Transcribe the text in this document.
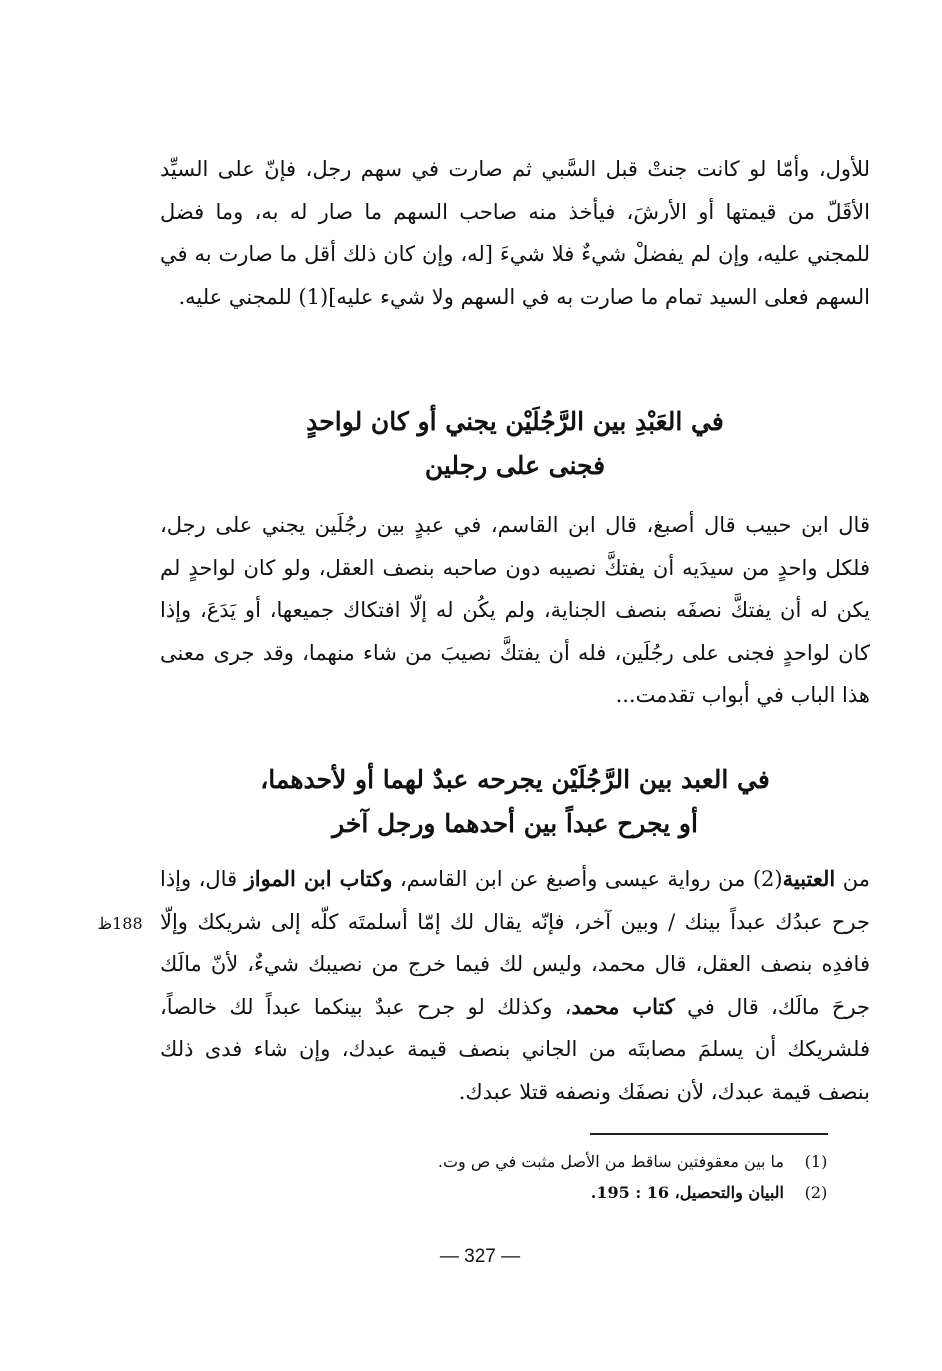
للأول، وأمّا لو كانت جنتْ قبل السَّبي ثم صارت في سهم رجل، فإنّ على السيِّد الأقَلّ من قيمتها أو الأرشَ، فيأخذ منه صاحب السهم ما صار له به، وما فضل للمجني عليه، وإن لم يفضلْ شيءٌ فلا شيءَ [له، وإن كان ذلك أقل ما صارت به في السهم فعلى السيد تمام ما صارت به في السهم ولا شيء عليه](1) للمجني عليه.

في العَبْدِ بين الرَّجُلَيْن يجني أو كان لواحدٍ
فجنى على رجلين

قال ابن حبيب قال أصبغ، قال ابن القاسم، في عبدٍ بين رجُلَين يجني على رجل، فلكل واحدٍ من سيدَيه أن يفتكَّ نصيبه دون صاحبه بنصف العقل، ولو كان لواحدٍ لم يكن له أن يفتكَّ نصفَه بنصف الجناية، ولم يكُن له إلّا افتكاك جميعها، أو يَدَعَ، وإذا كان لواحدٍ فجنى على رجُلَين، فله أن يفتكَّ نصيبَ من شاء منهما، وقد جرى معنى هذا الباب في أبواب تقدمت...

في العبد بين الرَّجُلَيْن يجرحه عبدٌ لهما أو لأحدهما،
أو يجرح عبداً بين أحدهما ورجل آخر

من العتبية(2) من رواية عيسى وأصبغ عن ابن القاسم، وكتاب ابن المواز قال، وإذا جرح عبدُك عبداً بينك / وبين آخر، فإنّه يقال لك إمّا أسلمتَه كلّه إلى شريكك وإلّا فافدِه بنصف العقل، قال محمد، وليس لك فيما خرج من نصيبك شيءٌ، لأنّ مالَك جرحَ مالَك، قال في كتاب محمد، وكذلك لو جرح عبدٌ بينكما عبداً لك خالصاً، فلشريكك أن يسلمَ مصابتَه من الجاني بنصف قيمة عبدك، وإن شاء فدى ذلك بنصف قيمة عبدك، لأن نصفَك ونصفه قتلا عبدك.

188ظ
(1)
ما بين معقوفتين ساقط من الأصل مثبت في ص وت.
(2)
البيان والتحصيل، 16 : 195.
— 327 —
